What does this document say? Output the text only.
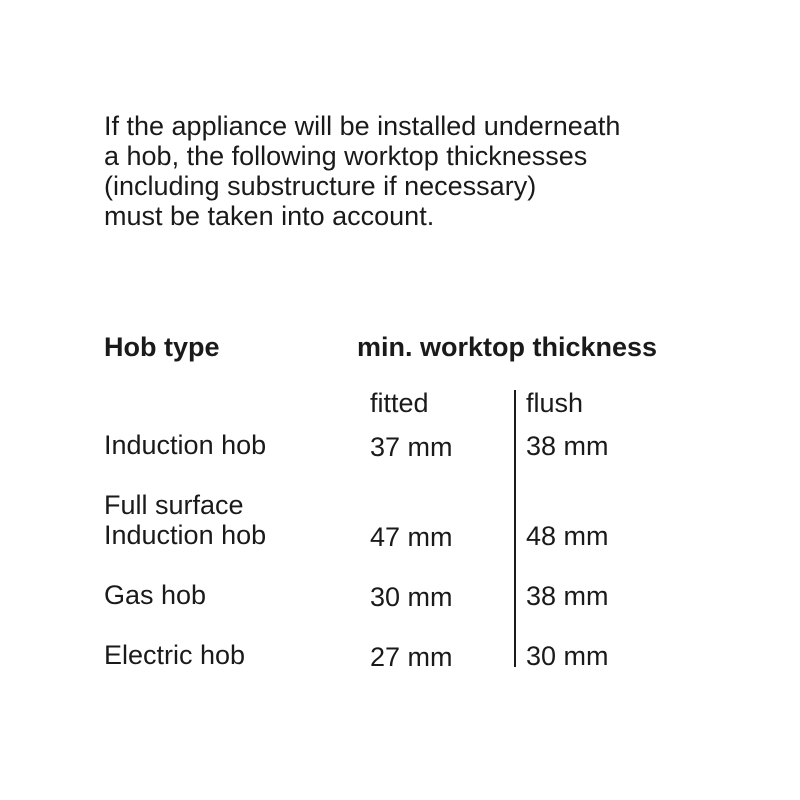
If the appliance will be installed underneath
a hob, the following worktop thicknesses
(including substructure if necessary)
must be taken into account.
Hob type	min. worktop thickness
fitted	flush
Induction hob	37 mm	38 mm
Full surface
Induction hob	47 mm	48 mm
Gas hob	30 mm	38 mm
Electric hob	27 mm	30 mm
